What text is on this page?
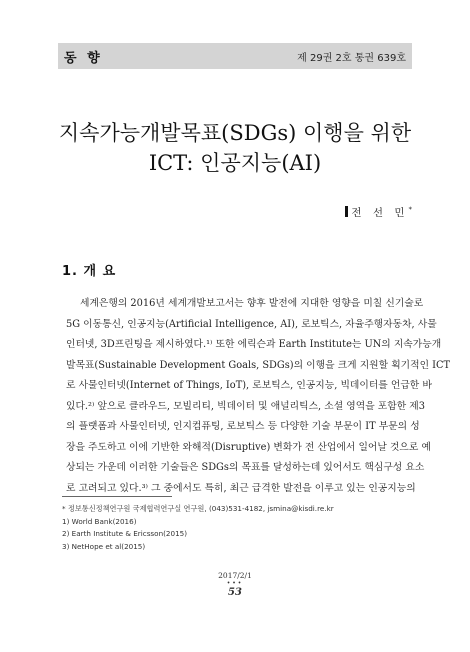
동 향	제 29권 2호 통권 639호
지속가능개발목표(SDGs) 이행을 위한
ICT: 인공지능(AI)
전 선 민*
1. 개 요
세계은행의 2016년 세계개발보고서는 향후 발전에 지대한 영향을 미칠 신기술로
5G 이동통신, 인공지능(Artificial Intelligence, AI), 로보틱스, 자율주행자동차, 사물
인터넷, 3D프린팅을 제시하였다.¹⁾ 또한 에릭슨과 Earth Institute는 UN의 지속가능개
발목표(Sustainable Development Goals, SDGs)의 이행을 크게 지원할 획기적인 ICT
로 사물인터넷(Internet of Things, IoT), 로보틱스, 인공지능, 빅데이터를 언급한 바
있다.²⁾ 앞으로 클라우드, 모빌리티, 빅데이터 및 애널리틱스, 소셜 영역을 포함한 제3
의 플랫폼과 사물인터넷, 인지컴퓨팅, 로보틱스 등 다양한 기술 부문이 IT 부문의 성
장을 주도하고 이에 기반한 와해적(Disruptive) 변화가 전 산업에서 일어날 것으로 예
상되는 가운데 이러한 기술들은 SDGs의 목표를 달성하는데 있어서도 핵심구성 요소
로 고려되고 있다.³⁾ 그 중에서도 특히, 최근 급격한 발전을 이루고 있는 인공지능의
* 정보통신정책연구원 국제협력연구실 연구원, (043)531-4182, jsmina@kisdi.re.kr
1) World Bank(2016)
2) Earth Institute & Ericsson(2015)
3) NetHope et al(2015)
2017/2/1
•••
53
